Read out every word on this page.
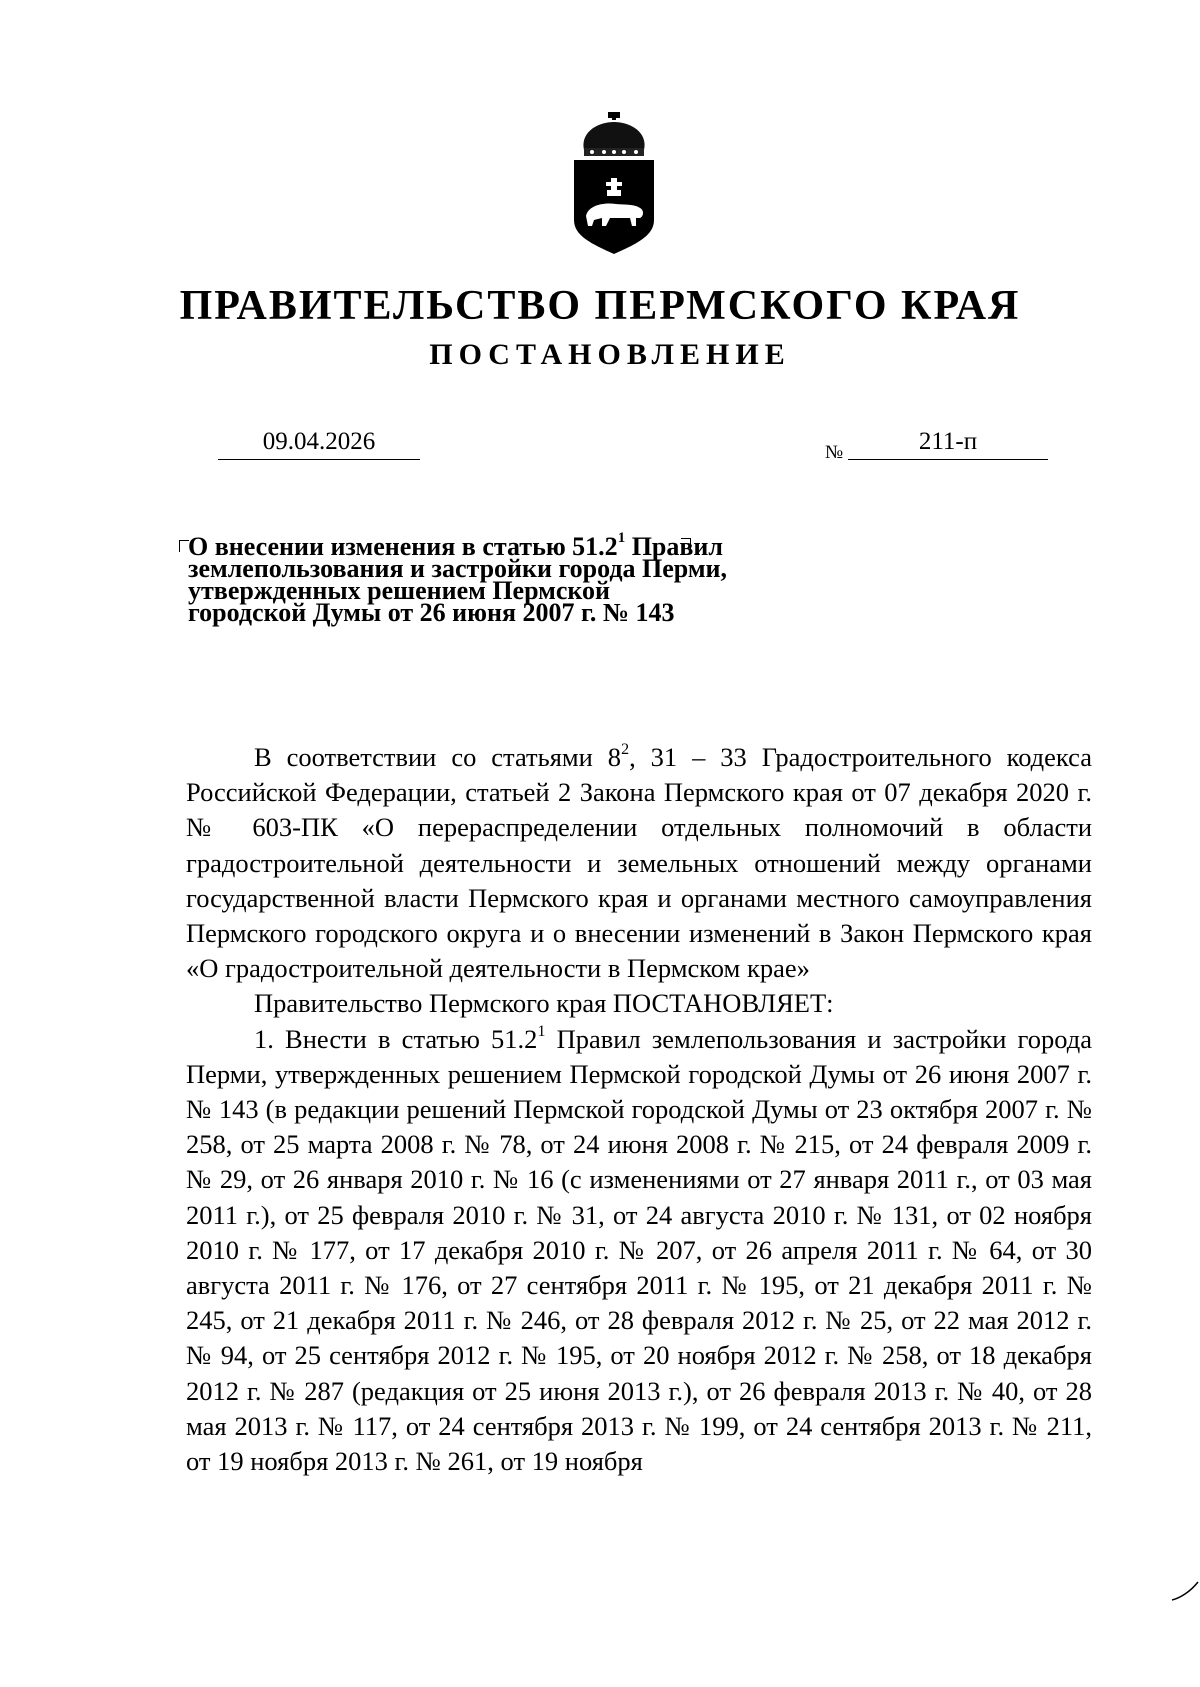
ПРАВИТЕЛЬСТВО ПЕРМСКОГО КРАЯ
ПОСТАНОВЛЕНИЕ
09.04.2026	№	211-п

О внесении изменения в статью 51.2$^1$ Правил землепользования и застройки города Перми, утвержденных решением Пермской городской Думы от 26 июня 2007 г. № 143

В соответствии со статьями $8^2$, 31 – 33 Градостроительного кодекса Российской Федерации, статьей 2 Закона Пермского края от 07 декабря 2020 г. № 603-ПК «О перераспределении отдельных полномочий в области градостроительной деятельности и земельных отношений между органами государственной власти Пермского края и органами местного самоуправления Пермского городского округа и о внесении изменений в Закон Пермского края «О градостроительной деятельности в Пермском крае»

Правительство Пермского края ПОСТАНОВЛЯЕТ:

1. Внести в статью 51.2$^1$ Правил землепользования и застройки города Перми, утвержденных решением Пермской городской Думы от 26 июня 2007 г. № 143 (в редакции решений Пермской городской Думы от 23 октября 2007 г. № 258, от 25 марта 2008 г. № 78, от 24 июня 2008 г. № 215, от 24 февраля 2009 г. № 29, от 26 января 2010 г. № 16 (с изменениями от 27 января 2011 г., от 03 мая 2011 г.), от 25 февраля 2010 г. № 31, от 24 августа 2010 г. № 131, от 02 ноября 2010 г. № 177, от 17 декабря 2010 г. № 207, от 26 апреля 2011 г. № 64, от 30 августа 2011 г. № 176, от 27 сентября 2011 г. № 195, от 21 декабря 2011 г. № 245, от 21 декабря 2011 г. № 246, от 28 февраля 2012 г. № 25, от 22 мая 2012 г. № 94, от 25 сентября 2012 г. № 195, от 20 ноября 2012 г. № 258, от 18 декабря 2012 г. № 287 (редакция от 25 июня 2013 г.), от 26 февраля 2013 г. № 40, от 28 мая 2013 г. № 117, от 24 сентября 2013 г. № 199, от 24 сентября 2013 г. № 211, от 19 ноября 2013 г. № 261, от 19 ноября
